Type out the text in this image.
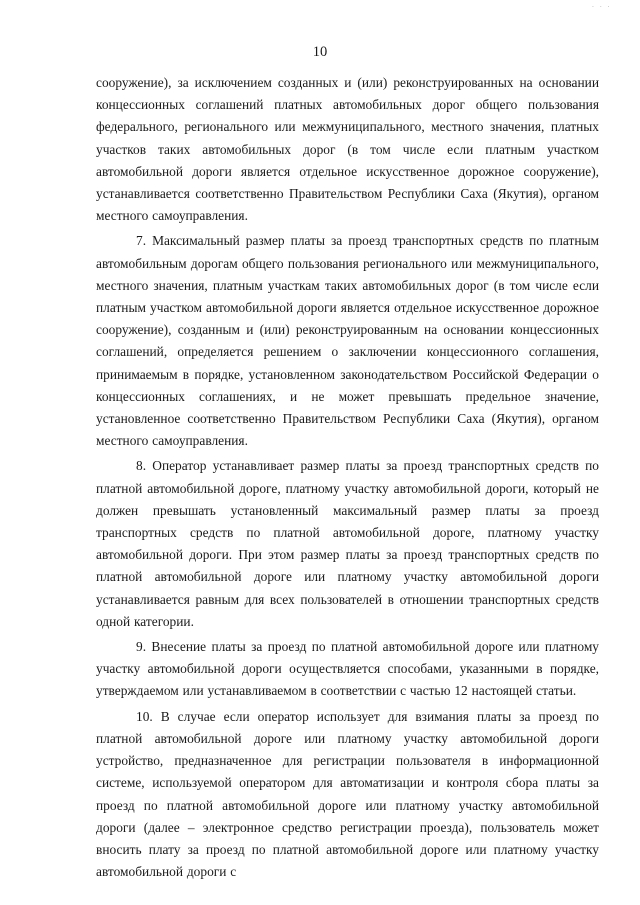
· · ·
10

сооружение), за исключением созданных и (или) реконструированных на основании концессионных соглашений платных автомобильных дорог общего пользования федерального, регионального или межмуниципального, местного значения, платных участков таких автомобильных дорог (в том числе если платным участком автомобильной дороги является отдельное искусственное дорожное сооружение), устанавливается соответственно Правительством Республики Саха (Якутия), органом местного самоуправления.

7. Максимальный размер платы за проезд транспортных средств по платным автомобильным дорогам общего пользования регионального или межмуниципального, местного значения, платным участкам таких автомобильных дорог (в том числе если платным участком автомобильной дороги является отдельное искусственное дорожное сооружение), созданным и (или) реконструированным на основании концессионных соглашений, определяется решением о заключении концессионного соглашения, принимаемым в порядке, установленном законодательством Российской Федерации о концессионных соглашениях, и не может превышать предельное значение, установленное соответственно Правительством Республики Саха (Якутия), органом местного самоуправления.

8. Оператор устанавливает размер платы за проезд транспортных средств по платной автомобильной дороге, платному участку автомобильной дороги, который не должен превышать установленный максимальный размер платы за проезд транспортных средств по платной автомобильной дороге, платному участку автомобильной дороги. При этом размер платы за проезд транспортных средств по платной автомобильной дороге или платному участку автомобильной дороги устанавливается равным для всех пользователей в отношении транспортных средств одной категории.

9. Внесение платы за проезд по платной автомобильной дороге или платному участку автомобильной дороги осуществляется способами, указанными в порядке, утверждаемом или устанавливаемом в соответствии с частью 12 настоящей статьи.

10. В случае если оператор использует для взимания платы за проезд по платной автомобильной дороге или платному участку автомобильной дороги устройство, предназначенное для регистрации пользователя в информационной системе, используемой оператором для автоматизации и контроля сбора платы за проезд по платной автомобильной дороге или платному участку автомобильной дороги (далее – электронное средство регистрации проезда), пользователь может вносить плату за проезд по платной автомобильной дороге или платному участку автомобильной дороги с
